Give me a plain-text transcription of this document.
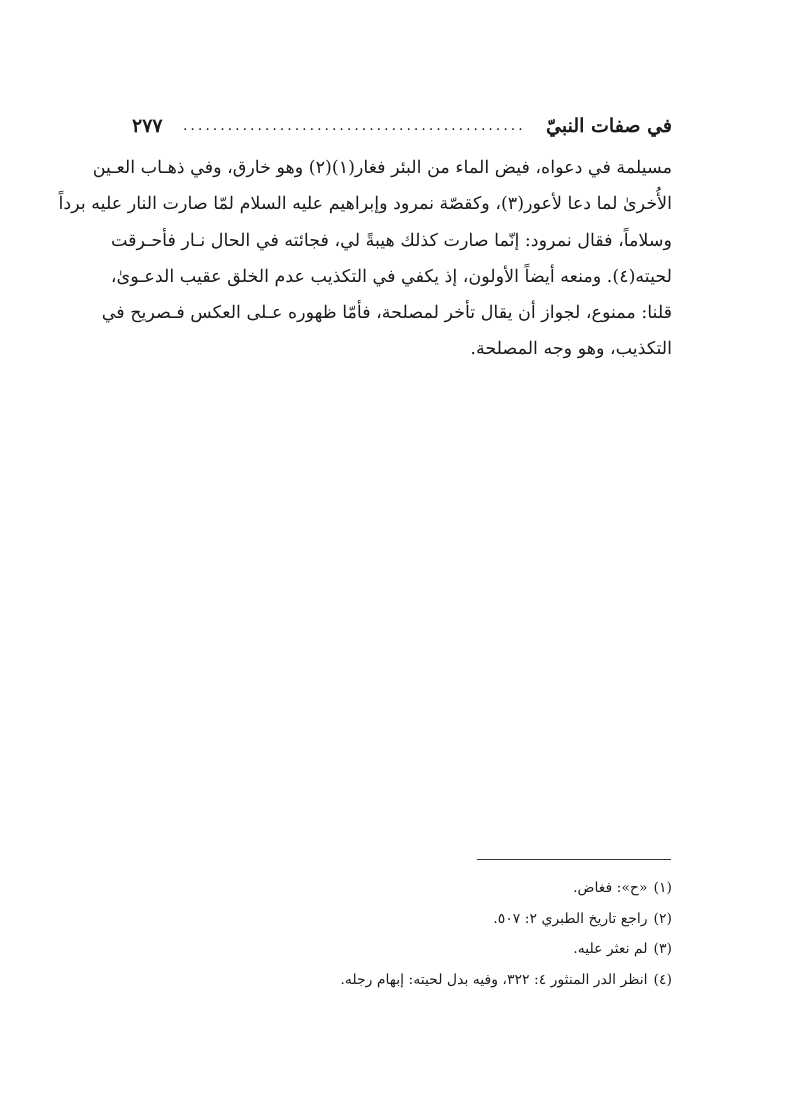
في صفات النبيّ
..............................................
٢٧٧
مسيلمة في دعواه، فيض الماء من البئر فغار(١)(٢) وهو خارق، وفي ذهـاب العـين
الأُخرىٰ لما دعا لأعور(٣)، وكقصّة نمرود وإبراهيم عليه السلام لمّا صارت النار عليه برداً
وسلاماً، فقال نمرود: إنّما صارت كذلك هيبةً لي، فجائته في الحال نـار فأحـرقت
لحيته(٤). ومنعه أيضاً الأولون، إذ يكفي في التكذيب عدم الخلق عقيب الدعـوىٰ،
قلنا: ممنوع، لجواز أن يقال تأخر لمصلحة، فأمّا ظهوره عـلى العكس فـصريح في
التكذيب، وهو وجه المصلحة.
(١)«ح»: فغاض.
(٢)راجع تاريخ الطبري ٢: ٥٠٧.
(٣)لم نعثر عليه.
(٤)انظر الدر المنثور ٤: ٣٢٢، وفيه بدل لحيته: إبهام رجله.
